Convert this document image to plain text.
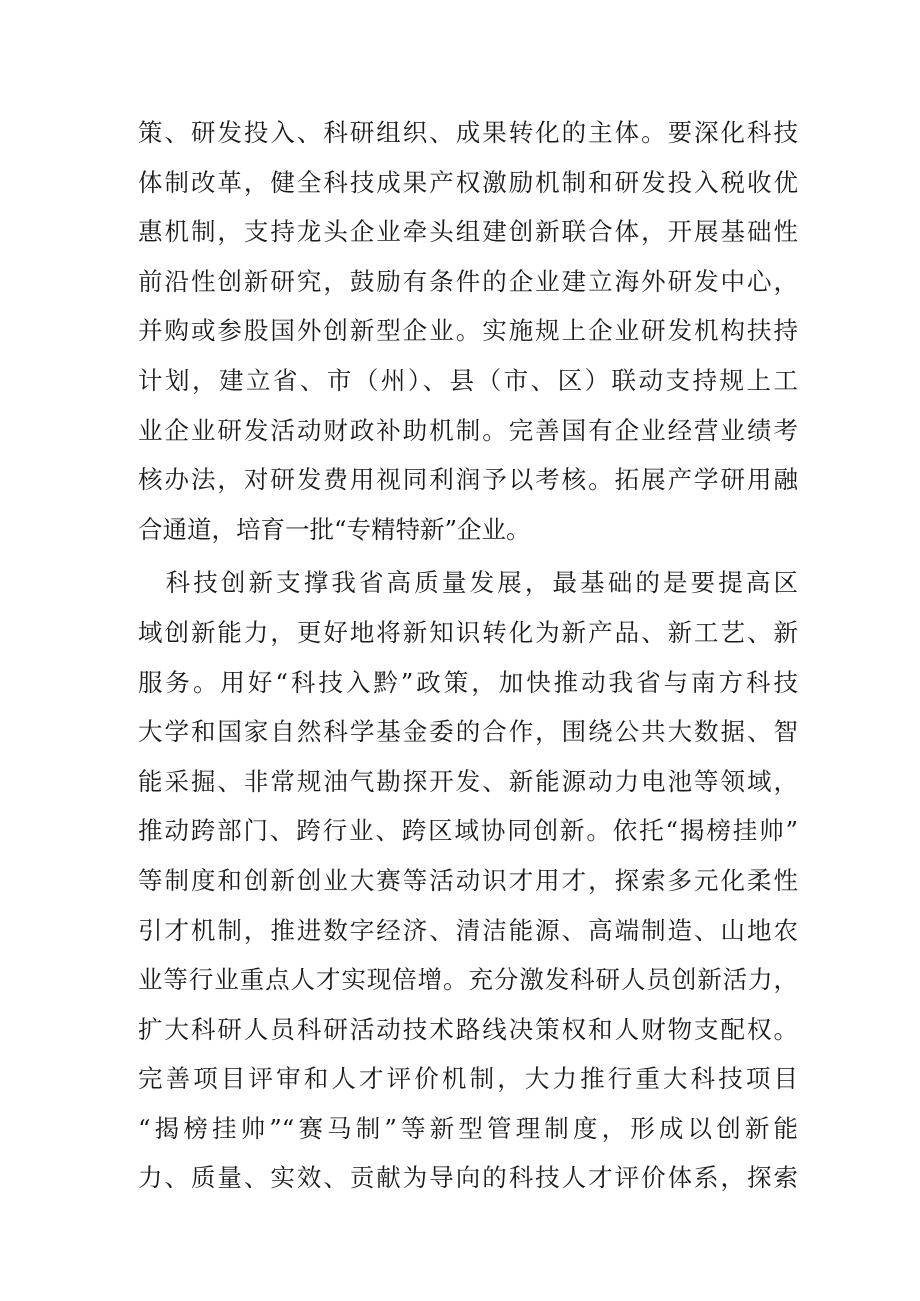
策、研发投入、科研组织、成果转化的主体。要深化科技
体制改革，健全科技成果产权激励机制和研发投入税收优
惠机制，支持龙头企业牵头组建创新联合体，开展基础性
前沿性创新研究，鼓励有条件的企业建立海外研发中心，
并购或参股国外创新型企业。实施规上企业研发机构扶持
计划，建立省、市（州）、县（市、区）联动支持规上工
业企业研发活动财政补助机制。完善国有企业经营业绩考
核办法，对研发费用视同利润予以考核。拓展产学研用融
合通道，培育一批“专精特新”企业。
　科技创新支撑我省高质量发展，最基础的是要提高区
域创新能力，更好地将新知识转化为新产品、新工艺、新
服务。用好“科技入黔”政策，加快推动我省与南方科技
大学和国家自然科学基金委的合作，围绕公共大数据、智
能采掘、非常规油气勘探开发、新能源动力电池等领域，
推动跨部门、跨行业、跨区域协同创新。依托“揭榜挂帅”
等制度和创新创业大赛等活动识才用才，探索多元化柔性
引才机制，推进数字经济、清洁能源、高端制造、山地农
业等行业重点人才实现倍增。充分激发科研人员创新活力，
扩大科研人员科研活动技术路线决策权和人财物支配权。
完善项目评审和人才评价机制，大力推行重大科技项目
“揭榜挂帅”“赛马制”等新型管理制度，形成以创新能
力、质量、实效、贡献为导向的科技人才评价体系，探索
